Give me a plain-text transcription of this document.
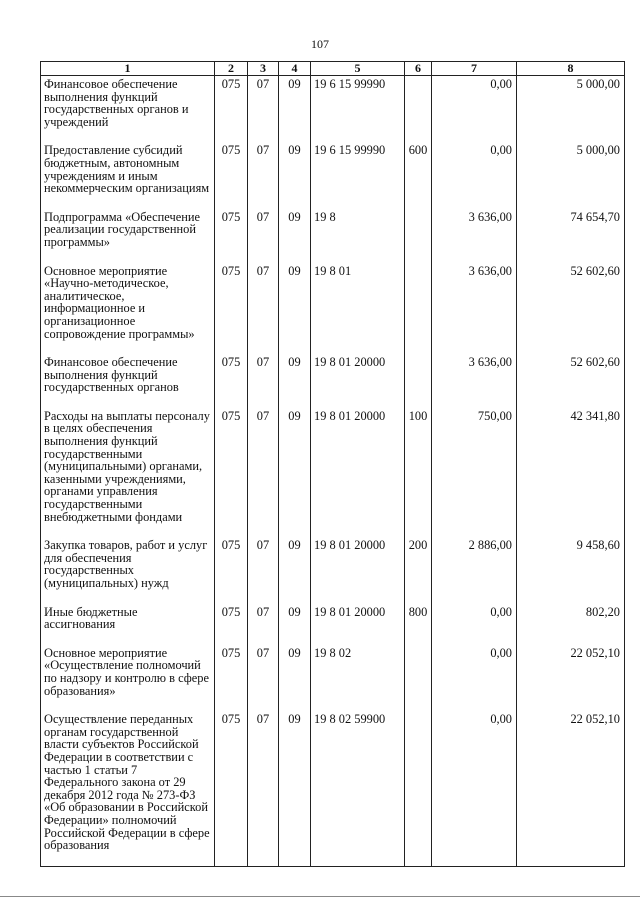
107
1	2	3	4	5	6	7	8
Финансовое обеспечение выполнения функций государственных органов и учреждений	075	07	09	19 6 15 99990		0,00	5 000,00
Предоставление субсидий бюджетным, автономным учреждениям и иным некоммерческим организациям	075	07	09	19 6 15 99990	600	0,00	5 000,00
Подпрограмма «Обеспечение реализации государственной программы»	075	07	09	19 8		3 636,00	74 654,70
Основное мероприятие «Научно-методическое, аналитическое, информационное и организационное сопровождение программы»	075	07	09	19 8 01		3 636,00	52 602,60
Финансовое обеспечение выполнения функций государственных органов	075	07	09	19 8 01 20000		3 636,00	52 602,60
Расходы на выплаты персоналу в целях обеспечения выполнения функций государственными (муниципальными) органами, казенными учреждениями, органами управления государственными внебюджетными фондами	075	07	09	19 8 01 20000	100	750,00	42 341,80
Закупка товаров, работ и услуг для обеспечения государственных (муниципальных) нужд	075	07	09	19 8 01 20000	200	2 886,00	9 458,60
Иные бюджетные ассигнования	075	07	09	19 8 01 20000	800	0,00	802,20
Основное мероприятие «Осуществление полномочий по надзору и контролю в сфере образования»	075	07	09	19 8 02		0,00	22 052,10
Осуществление переданных органам государственной власти субъектов Российской Федерации в соответствии с частью 1 статьи 7 Федерального закона от 29 декабря 2012 года № 273-ФЗ «Об образовании в Российской Федерации» полномочий Российской Федерации в сфере образования	075	07	09	19 8 02 59900		0,00	22 052,10
